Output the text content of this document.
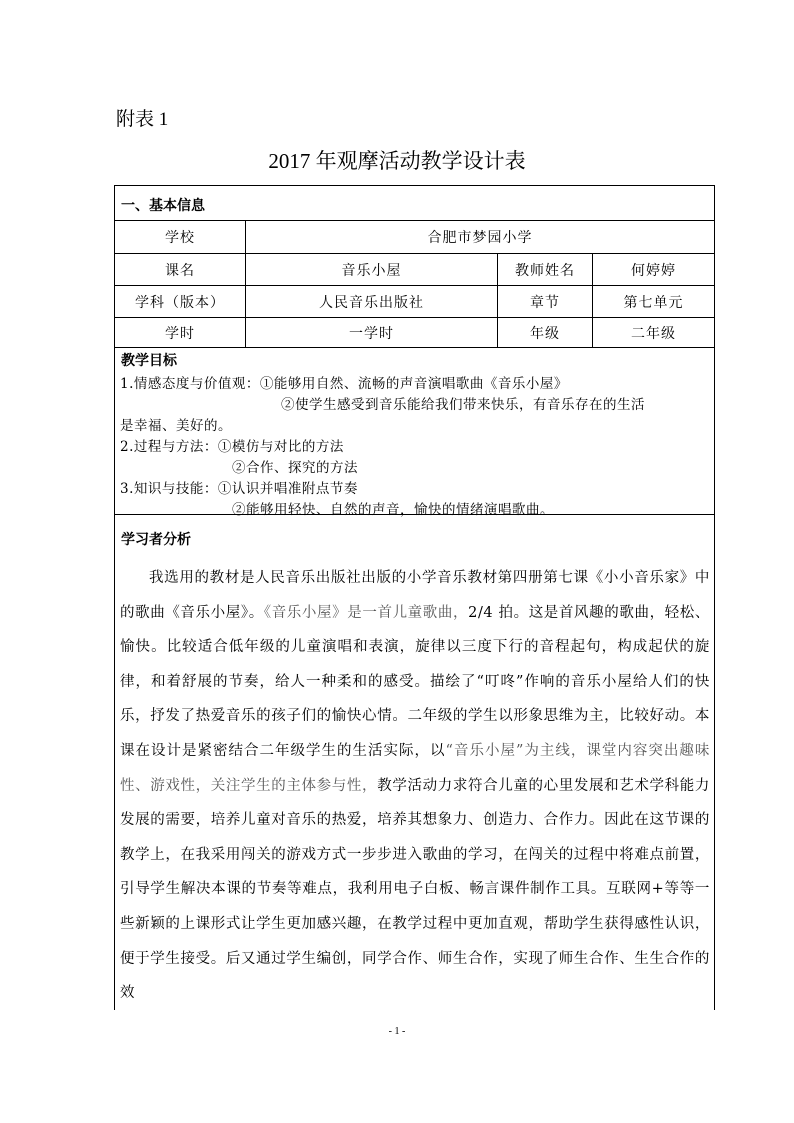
附表 1
2017 年观摩活动教学设计表
一、基本信息
学校	合肥市梦园小学
课名	音乐小屋	教师姓名	何婷婷
学科（版本）	人民音乐出版社	章节	第七单元
学时	一学时	年级	二年级
教学目标
1.情感态度与价值观：①能够用自然、流畅的声音演唱歌曲《音乐小屋》
②使学生感受到音乐能给我们带来快乐，有音乐存在的生活
是幸福、美好的。
2.过程与方法：①模仿与对比的方法
②合作、探究的方法
3.知识与技能：①认识并唱准附点节奏
②能够用轻快、自然的声音，愉快的情绪演唱歌曲。
学习者分析

我选用的教材是人民音乐出版社出版的小学音乐教材第四册第七课《小小音乐家》中的歌曲《音乐小屋》。《音乐小屋》是一首儿童歌曲，2/4 拍。这是首风趣的歌曲，轻松、愉快。比较适合低年级的儿童演唱和表演，旋律以三度下行的音程起句，构成起伏的旋律，和着舒展的节奏，给人一种柔和的感受。描绘了“叮咚”作响的音乐小屋给人们的快乐，抒发了热爱音乐的孩子们的愉快心情。二年级的学生以形象思维为主，比较好动。本课在设计是紧密结合二年级学生的生活实际，以“音乐小屋”为主线，课堂内容突出趣味性、游戏性，关注学生的主体参与性，教学活动力求符合儿童的心里发展和艺术学科能力发展的需要，培养儿童对音乐的热爱，培养其想象力、创造力、合作力。因此在这节课的教学上，在我采用闯关的游戏方式一步步进入歌曲的学习，在闯关的过程中将难点前置，引导学生解决本课的节奏等难点，我利用电子白板、畅言课件制作工具。互联网+等等一些新颖的上课形式让学生更加感兴趣，在教学过程中更加直观，帮助学生获得感性认识，便于学生接受。后又通过学生编创，同学合作、师生合作，实现了师生合作、生生合作的效

- 1 -
